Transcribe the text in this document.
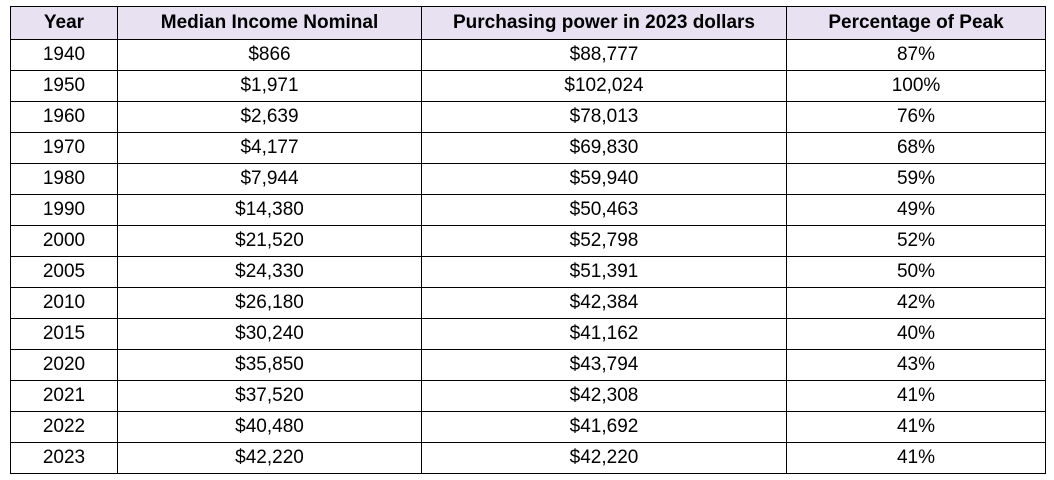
Year	Median Income Nominal	Purchasing power in 2023 dollars	Percentage of Peak
1940	$866	$88,777	87%
1950	$1,971	$102,024	100%
1960	$2,639	$78,013	76%
1970	$4,177	$69,830	68%
1980	$7,944	$59,940	59%
1990	$14,380	$50,463	49%
2000	$21,520	$52,798	52%
2005	$24,330	$51,391	50%
2010	$26,180	$42,384	42%
2015	$30,240	$41,162	40%
2020	$35,850	$43,794	43%
2021	$37,520	$42,308	41%
2022	$40,480	$41,692	41%
2023	$42,220	$42,220	41%
